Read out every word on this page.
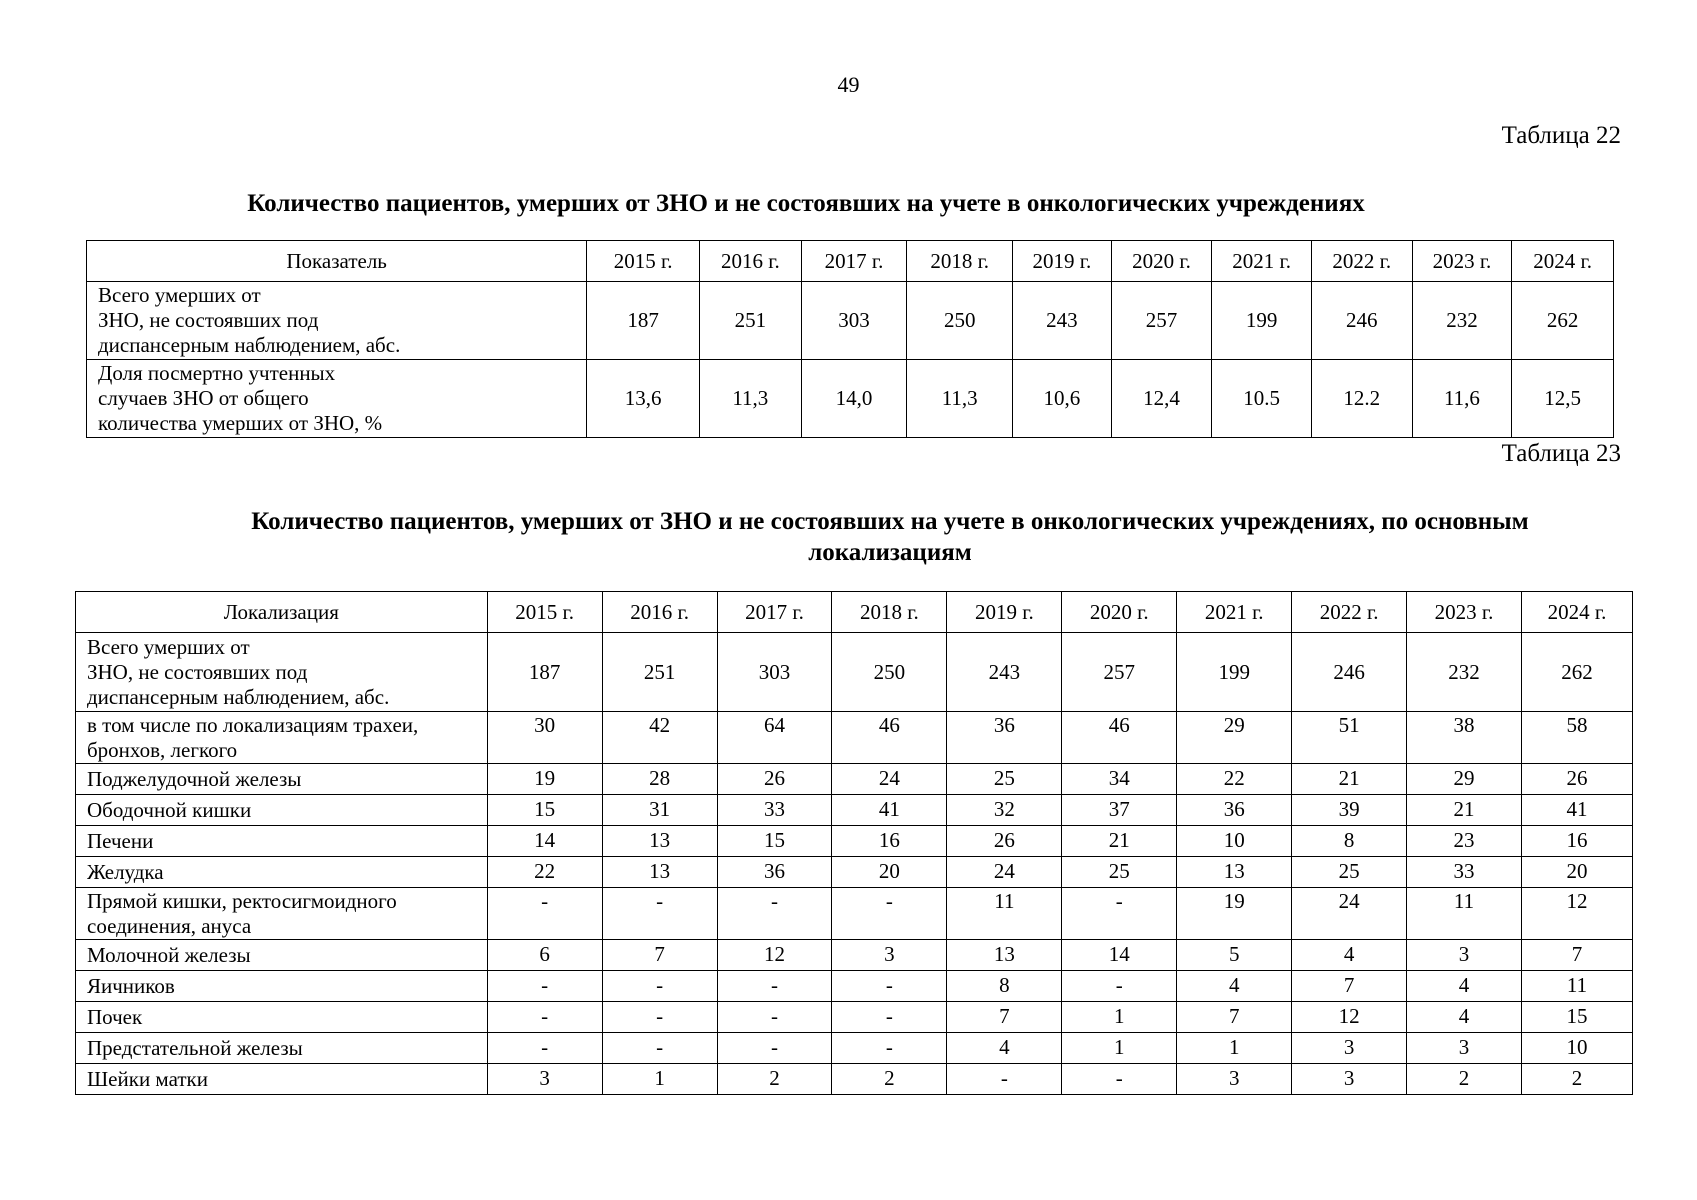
49
Таблица 22
Количество пациентов, умерших от ЗНО и не состоявших на учете в онкологических учреждениях
Показатель	2015 г.	2016 г.	2017 г.	2018 г.	2019 г.	2020 г.	2021 г.	2022 г.	2023 г.	2024 г.

Всего умерших от
ЗНО, не состоявших под
диспансерным наблюдением, абс.	187	251	303	250	243	257	199	246	232	262

Доля посмертно учтенных
случаев ЗНО от общего
количества умерших от ЗНО, %	13,6	11,3	14,0	11,3	10,6	12,4	10.5	12.2	11,6	12,5
Таблица 23
Количество пациентов, умерших от ЗНО и не состоявших на учете в онкологических учреждениях, по основным
локализациям
Локализация	2015 г.	2016 г.	2017 г.	2018 г.	2019 г.	2020 г.	2021 г.	2022 г.	2023 г.	2024 г.

Всего умерших от
ЗНО, не состоявших под
диспансерным наблюдением, абс.	187	251	303	250	243	257	199	246	232	262

в том числе по локализациям трахеи,
бронхов, легкого	30	42	64	46	36	46	29	51	38	58

Поджелудочной железы	19	28	26	24	25	34	22	21	29	26

Ободочной кишки	15	31	33	41	32	37	36	39	21	41

Печени	14	13	15	16	26	21	10	8	23	16

Желудка	22	13	36	20	24	25	13	25	33	20

Прямой кишки, ректосигмоидного
соединения, ануса	-	-	-	-	11	-	19	24	11	12

Молочной железы	6	7	12	3	13	14	5	4	3	7

Яичников	-	-	-	-	8	-	4	7	4	11

Почек	-	-	-	-	7	1	7	12	4	15

Предстательной железы	-	-	-	-	4	1	1	3	3	10

Шейки матки	3	1	2	2	-	-	3	3	2	2
